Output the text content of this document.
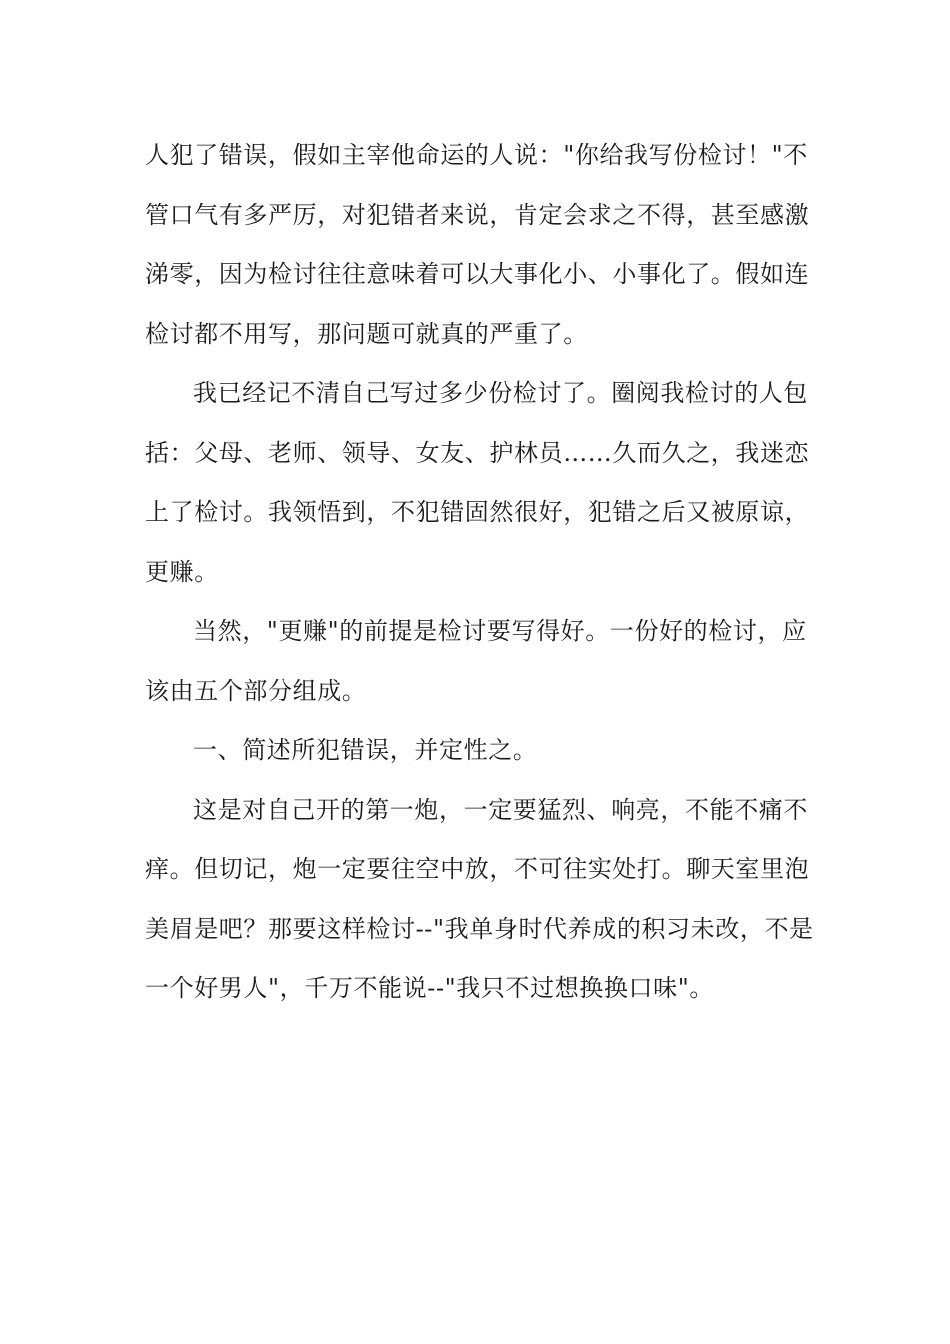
人犯了错误，假如主宰他命运的人说："你给我写份检讨！"不
管口气有多严厉，对犯错者来说，肯定会求之不得，甚至感激
涕零，因为检讨往往意味着可以大事化小、小事化了。假如连
检讨都不用写，那问题可就真的严重了。
我已经记不清自己写过多少份检讨了。圈阅我检讨的人包
括：父母、老师、领导、女友、护林员……久而久之，我迷恋
上了检讨。我领悟到，不犯错固然很好，犯错之后又被原谅，
更赚。
当然，"更赚"的前提是检讨要写得好。一份好的检讨，应
该由五个部分组成。
一、简述所犯错误，并定性之。
这是对自己开的第一炮，一定要猛烈、响亮，不能不痛不
痒。但切记，炮一定要往空中放，不可往实处打。聊天室里泡
美眉是吧？那要这样检讨--"我单身时代养成的积习未改，不是
一个好男人"，千万不能说--"我只不过想换换口味"。
